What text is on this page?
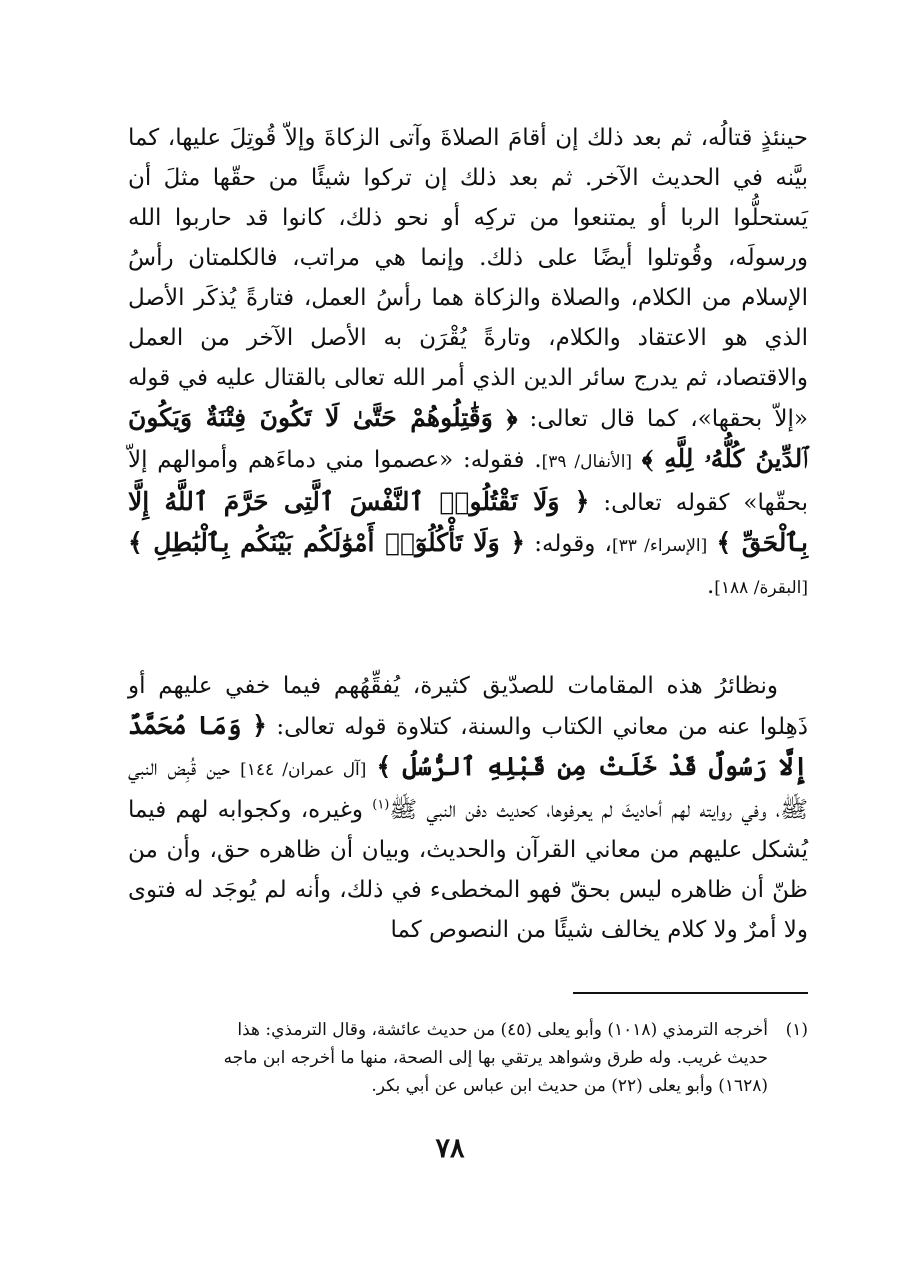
حينئذٍ قتالُه، ثم بعد ذلك إن أقامَ الصلاةَ وآتى الزكاةَ وإلاّ قُوتِلَ عليها، كما بيَّنه في الحديث الآخر. ثم بعد ذلك إن تركوا شيئًا من حقّها مثلَ أن يَستحلُّوا الربا أو يمتنعوا من تركِه أو نحو ذلك، كانوا قد حاربوا الله ورسولَه، وقُوتلوا أيضًا على ذلك. وإنما هي مراتب، فالكلمتان رأسُ الإسلام من الكلام، والصلاة والزكاة هما رأسُ العمل، فتارةً يُذكَر الأصل الذي هو الاعتقاد والكلام، وتارةً يُقْرَن به الأصل الآخر من العمل والاقتصاد، ثم يدرج سائر الدين الذي أمر الله تعالى بالقتال عليه في قوله «إلاّ بحقها»، كما قال تعالى: ﴿ وَقَٰتِلُوهُمْ حَتَّىٰ لَا تَكُونَ فِتْنَةٌ وَيَكُونَ ٱلدِّينُ كُلُّهُۥ لِلَّهِ ﴾ [الأنفال/ ٣٩]. فقوله: «عصموا مني دماءَهم وأموالهم إلاّ بحقّها» كقوله تعالى: ﴿ وَلَا تَقْتُلُوا۟ ٱلنَّفْسَ ٱلَّتِى حَرَّمَ ٱللَّهُ إِلَّا بِٱلْحَقِّ ﴾ [الإسراء/ ٣٣]، وقوله: ﴿ وَلَا تَأْكُلُوٓا۟ أَمْوَٰلَكُم بَيْنَكُم بِٱلْبَٰطِلِ ﴾ [البقرة/ ١٨٨].

ونظائرُ هذه المقامات للصدّيق كثيرة، يُفقِّهُهم فيما خفي عليهم أو ذَهِلوا عنه من معاني الكتاب والسنة، كتلاوة قوله تعالى: ﴿ وَمَا مُحَمَّدٌ إِلَّا رَسُولٌ قَدْ خَلَتْ مِن قَبْلِهِ ٱلرُّسُلُ ﴾ [آل عمران/ ١٤٤] حين قُبِض النبي ﷺ، وفي روايته لهم أحاديثَ لم يعرفوها، كحديث دفن النبي ﷺ$^{(١)}$ وغيره، وكجوابه لهم فيما يُشكل عليهم من معاني القرآن والحديث، وبيان أن ظاهره حق، وأن من ظنّ أن ظاهره ليس بحقّ فهو المخطىء في ذلك، وأنه لم يُوجَد له فتوى ولا أمرٌ ولا كلام يخالف شيئًا من النصوص كما

(١)أخرجه الترمذي (١٠١٨) وأبو يعلى (٤٥) من حديث عائشة، وقال الترمذي: هذا
حديث غريب. وله طرق وشواهد يرتقي بها إلى الصحة، منها ما أخرجه ابن ماجه
(١٦٢٨) وأبو يعلى (٢٢) من حديث ابن عباس عن أبي بكر.
٧٨
